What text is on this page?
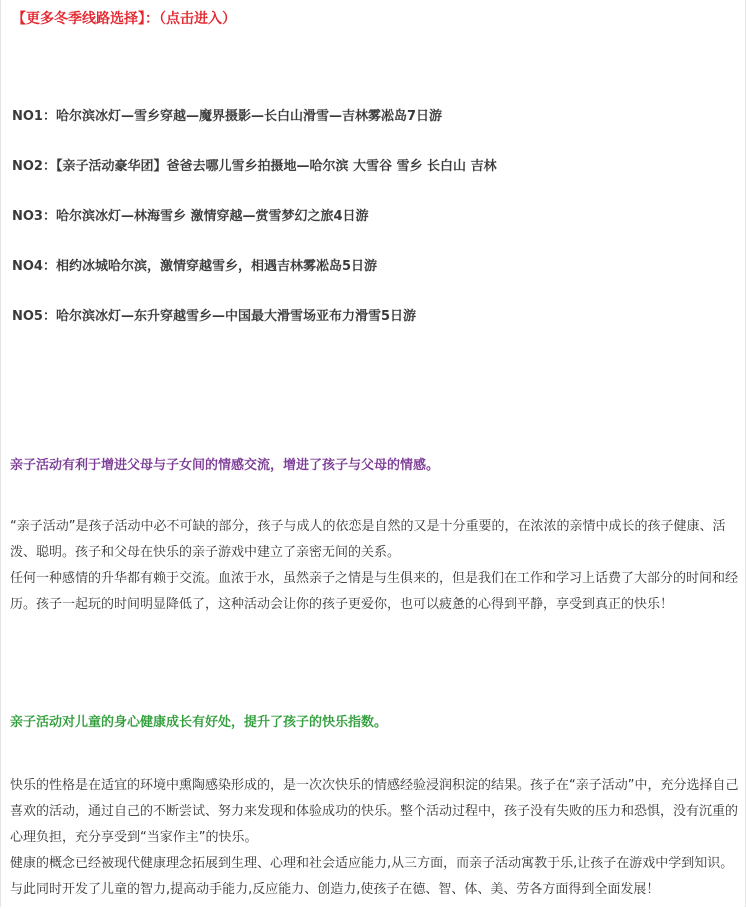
【更多冬季线路选择】：（点击进入）
NO1：哈尔滨冰灯—雪乡穿越—魔界摄影—长白山滑雪—吉林雾凇岛7日游
NO2：【亲子活动豪华团】爸爸去哪儿雪乡拍摄地—哈尔滨 大雪谷 雪乡 长白山 吉林
NO3：哈尔滨冰灯—林海雪乡 激情穿越—赏雪梦幻之旅4日游
NO4：相约冰城哈尔滨，激情穿越雪乡，相遇吉林雾凇岛5日游
NO5：哈尔滨冰灯—东升穿越雪乡—中国最大滑雪场亚布力滑雪5日游
亲子活动有利于增进父母与子女间的情感交流，增进了孩子与父母的情感。

“亲子活动”是孩子活动中必不可缺的部分，孩子与成人的依恋是自然的又是十分重要的，在浓浓的亲情中成长的孩子健康、活泼、聪明。孩子和父母在快乐的亲子游戏中建立了亲密无间的关系。
任何一种感情的升华都有赖于交流。血浓于水，虽然亲子之情是与生俱来的，但是我们在工作和学习上话费了大部分的时间和经历。孩子一起玩的时间明显降低了，这种活动会让你的孩子更爱你，也可以疲惫的心得到平静，享受到真正的快乐！

亲子活动对儿童的身心健康成长有好处，提升了孩子的快乐指数。

快乐的性格是在适宜的环境中熏陶感染形成的，是一次次快乐的情感经验浸润积淀的结果。孩子在“亲子活动”中，充分选择自己喜欢的活动，通过自己的不断尝试、努力来发现和体验成功的快乐。整个活动过程中，孩子没有失败的压力和恐惧，没有沉重的心理负担，充分享受到“当家作主”的快乐。
健康的概念已经被现代健康理念拓展到生理、心理和社会适应能力,从三方面，而亲子活动寓教于乐,让孩子在游戏中学到知识。与此同时开发了儿童的智力,提高动手能力,反应能力、创造力,使孩子在德、智、体、美、劳各方面得到全面发展！
